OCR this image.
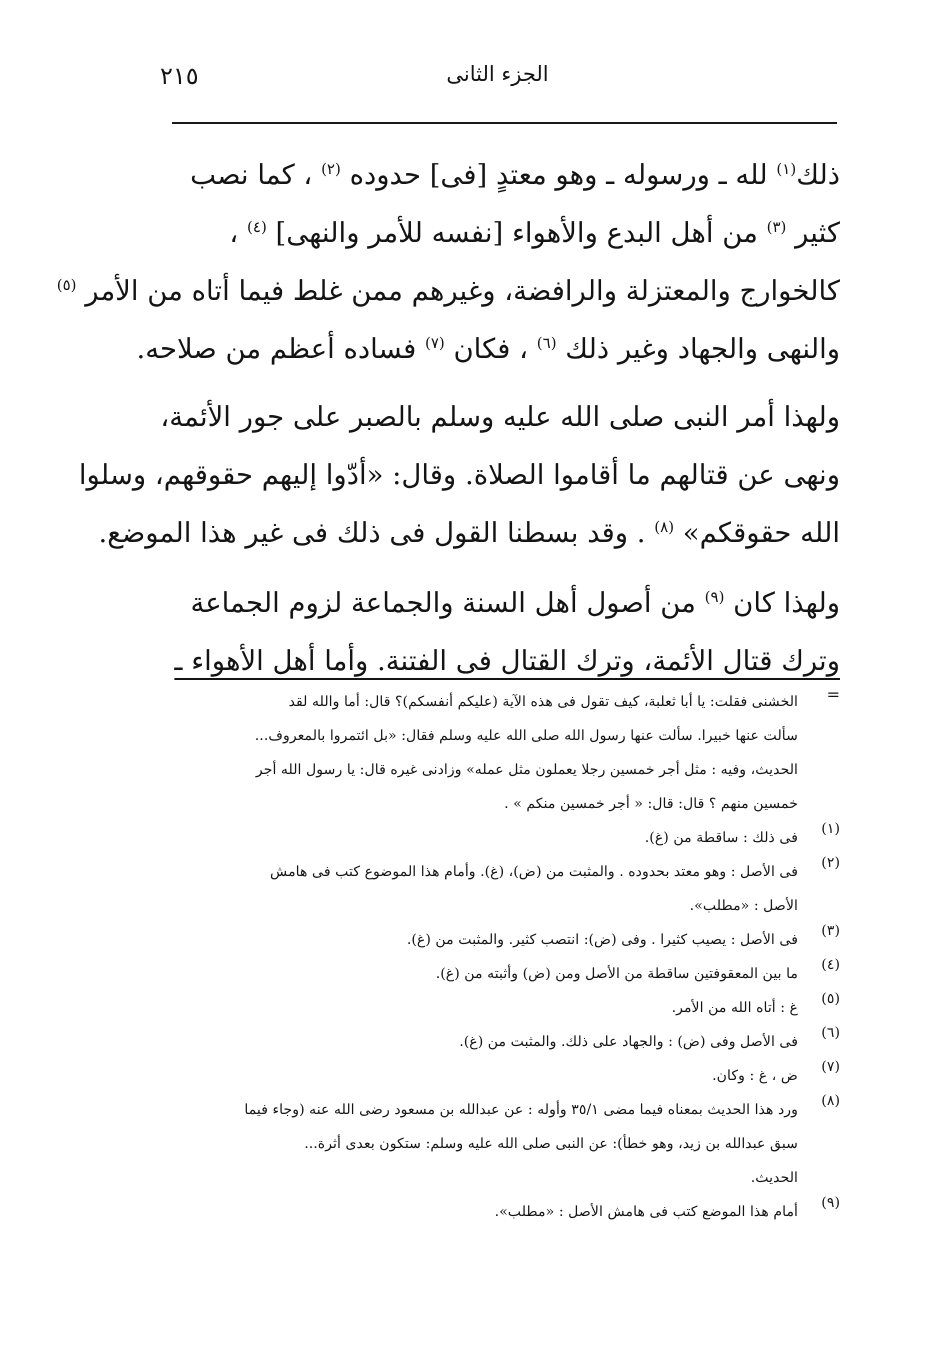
٢١٥	الجزء الثانى
ذلك$^{(١)}$ لله ـ ورسوله ـ وهو معتدٍ [فى] حدوده $^{(٢)}$ ، كما نصب
كثير $^{(٣)}$ من أهل البدع والأهواء [نفسه للأمر والنهى] $^{(٤)}$ ،
كالخوارج والمعتزلة والرافضة، وغيرهم ممن غلط فيما أتاه من الأمر $^{(٥)}$
والنهى والجهاد وغير ذلك $^{(٦)}$ ، فكان $^{(٧)}$ فساده أعظم من صلاحه.
ولهذا أمر النبى صلى الله عليه وسلم بالصبر على جور الأئمة،
ونهى عن قتالهم ما أقاموا الصلاة. وقال: «أدّوا إليهم حقوقهم، وسلوا
الله حقوقكم» $^{(٨)}$ . وقد بسطنا القول فى ذلك فى غير هذا الموضع.
ولهذا كان $^{(٩)}$ من أصول أهل السنة والجماعة لزوم الجماعة
وترك قتال الأئمة، وترك القتال فى الفتنة. وأما أهل الأهواء ـ
=
الخشنى فقلت: يا أبا ثعلبة، كيف تقول فى هذه الآية (عليكم أنفسكم)؟ قال: أما والله لقد
سألت عنها خبيرا. سألت عنها رسول الله صلى الله عليه وسلم فقال: «بل ائتمروا بالمعروف...
الحديث، وفيه : مثل أجر خمسين رجلا يعملون مثل عمله» وزادنى غيره قال: يا رسول الله أجر
خمسين منهم ؟ قال: قال: « أجر خمسين منكم » .
(١)
فى ذلك : ساقطة من (غ).
(٢)
فى الأصل : وهو معتد بحدوده . والمثبت من (ض)، (غ). وأمام هذا الموضوع كتب فى هامش
الأصل : «مطلب».
(٣)
فى الأصل : يصيب كثيرا . وفى (ض): انتصب كثير. والمثبت من (غ).
(٤)
ما بين المعقوفتين ساقطة من الأصل ومن (ض) وأثبته من (غ).
(٥)
غ : أتاه الله من الأمر.
(٦)
فى الأصل وفى (ض) : والجهاد على ذلك. والمثبت من (غ).
(٧)
ض ، غ : وكان.
(٨)
ورد هذا الحديث بمعناه فيما مضى ٣٥/١ وأوله : عن عبدالله بن مسعود رضى الله عنه (وجاء فيما
سبق عبدالله بن زيد، وهو خطأ): عن النبى صلى الله عليه وسلم: ستكون بعدى أثرة...
الحديث.
(٩)
أمام هذا الموضع كتب فى هامش الأصل : «مطلب».
